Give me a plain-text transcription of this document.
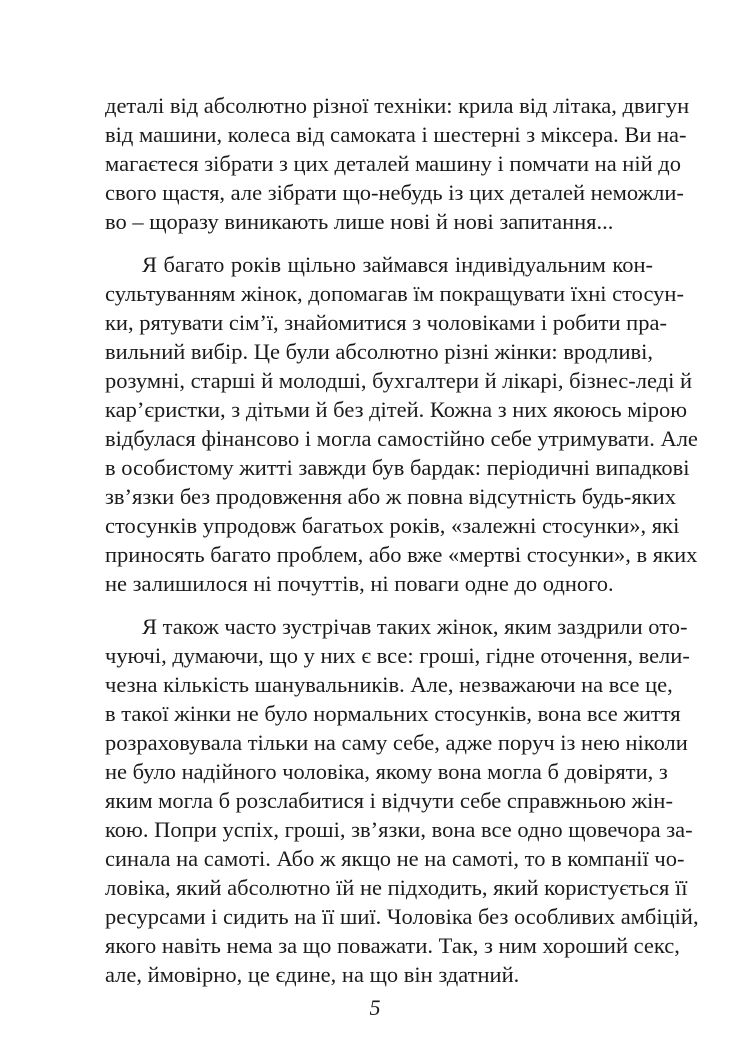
деталі від абсолютно різної техніки: крила від літака, двигун
від машини, колеса від самоката і шестерні з міксера. Ви на-
магаєтеся зібрати з цих деталей машину і помчати на ній до
свого щастя, але зібрати що-небудь із цих деталей неможли-
во – щоразу виникають лише нові й нові запитання...
Я багато років щільно займався індивідуальним кон-
сультуванням жінок, допомагав їм покращувати їхні стосун-
ки, рятувати сім’ї, знайомитися з чоловіками і робити пра-
вильний вибір. Це були абсолютно різні жінки: вродливі,
розумні, старші й молодші, бухгалтери й лікарі, бізнес-леді й
кар’єристки, з дітьми й без дітей. Кожна з них якоюсь мірою
відбулася фінансово і могла самостійно себе утримувати. Але
в особистому житті завжди був бардак: періодичні випадкові
зв’язки без продовження або ж повна відсутність будь-яких
стосунків упродовж багатьох років, «залежні стосунки», які
приносять багато проблем, або вже «мертві стосунки», в яких
не залишилося ні почуттів, ні поваги одне до одного.
Я також часто зустрічав таких жінок, яким заздрили ото-
чуючі, думаючи, що у них є все: гроші, гідне оточення, вели-
чезна кількість шанувальників. Але, незважаючи на все це,
в такої жінки не було нормальних стосунків, вона все життя
розраховувала тільки на саму себе, адже поруч із нею ніколи
не було надійного чоловіка, якому вона могла б довіряти, з
яким могла б розслабитися і відчути себе справжньою жін-
кою. Попри успіх, гроші, зв’язки, вона все одно щовечора за-
синала на самоті. Або ж якщо не на самоті, то в компанії чо-
ловіка, який абсолютно їй не підходить, який користується її
ресурсами і сидить на її шиї. Чоловіка без особливих амбіцій,
якого навіть нема за що поважати. Так, з ним хороший секс,
але, ймовірно, це єдине, на що він здатний.
5
